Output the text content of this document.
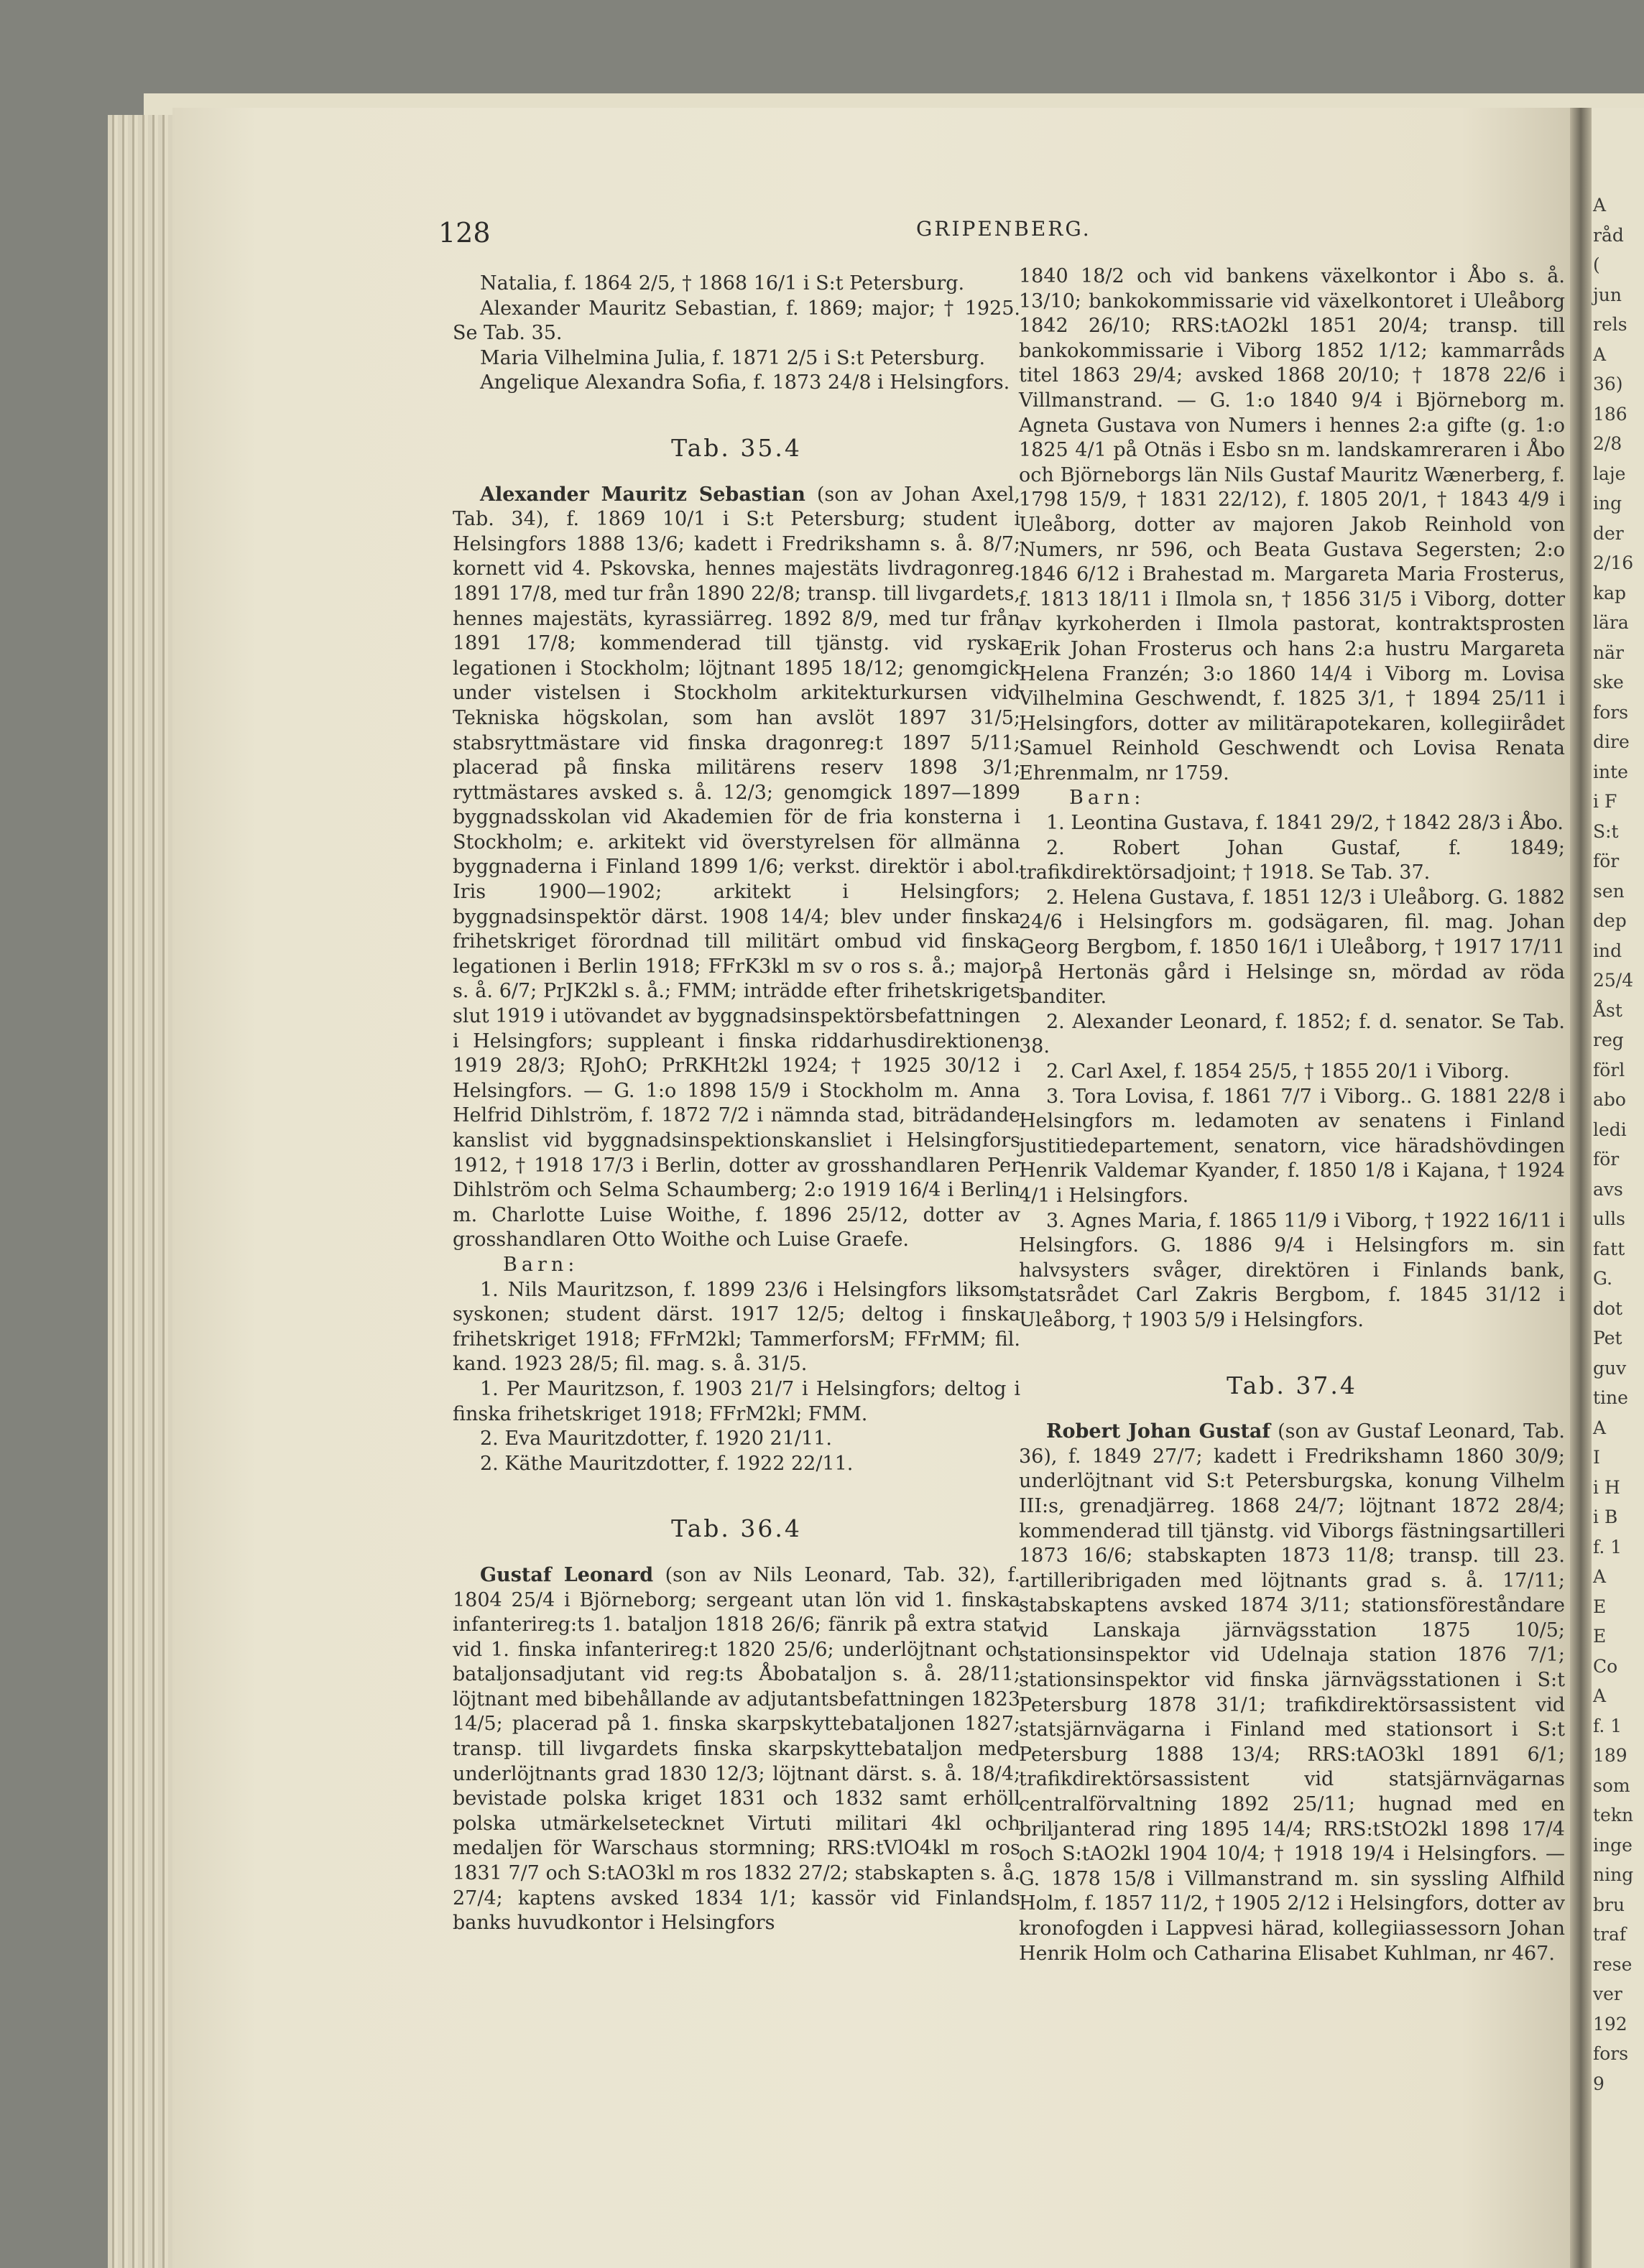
A
råd
(
jun
rels
A
36)
186
2/8
laje
ing
der
2/16
kap
lära
när
ske
fors
dire
inte
i F
S:t
för
sen
dep
ind
25/4
Åst
reg
förl
abo
ledi
för
avs
ulls
fatt
G.
dot
Pet
guv
tine
A
I
i H
i B
f. 1
A
E
E
Co
A
f. 1
189
som
tekn
inge
ning
bru
traf
rese
ver
192
fors
9
128	GRIPENBERG.

Natalia, f. 1864 2/5, † 1868 16/1 i S:t Petersburg.

Alexander Mauritz Sebastian, f. 1869; major; † 1925. Se Tab. 35.

Maria Vilhelmina Julia, f. 1871 2/5 i S:t Petersburg.

Angelique Alexandra Sofia, f. 1873 24/8 i Helsingfors.

Tab. 35.4

Alexander Mauritz Sebastian (son av Johan Axel, Tab. 34), f. 1869 10/1 i S:t Petersburg; student i Helsingfors 1888 13/6; kadett i Fredrikshamn s. å. 8/7; kornett vid 4. Pskovska, hennes majestäts livdragonreg. 1891 17/8, med tur från 1890 22/8; transp. till livgardets, hennes majestäts, kyrassiärreg. 1892 8/9, med tur från 1891 17/8; kommenderad till tjänstg. vid ryska legationen i Stockholm; löjtnant 1895 18/12; genomgick under vistelsen i Stockholm arkitekturkursen vid Tekniska högskolan, som han avslöt 1897 31/5; stabsryttmästare vid finska dragonreg:t 1897 5/11; placerad på finska militärens reserv 1898 3/1; ryttmästares avsked s. å. 12/3; genomgick 1897—1899 byggnadsskolan vid Akademien för de fria konsterna i Stockholm; e. arkitekt vid överstyrelsen för allmänna byggnaderna i Finland 1899 1/6; verkst. direktör i abol. Iris 1900—1902; arkitekt i Helsingfors; byggnadsinspektör därst. 1908 14/4; blev under finska frihetskriget förordnad till militärt ombud vid finska legationen i Berlin 1918; FFrK3kl m sv o ros s. å.; major s. å. 6/7; PrJK2kl s. å.; FMM; inträdde efter frihetskrigets slut 1919 i utövandet av byggnadsinspektörsbefattningen i Helsingfors; suppleant i finska riddarhusdirektionen 1919 28/3; RJohO; PrRKHt2kl 1924; † 1925 30/12 i Helsingfors. — G. 1:o 1898 15/9 i Stockholm m. Anna Helfrid Dihlström, f. 1872 7/2 i nämnda stad, biträdande kanslist vid byggnadsinspektionskansliet i Helsingfors 1912, † 1918 17/3 i Berlin, dotter av grosshandlaren Per Dihlström och Selma Schaumberg; 2:o 1919 16/4 i Berlin m. Charlotte Luise Woithe, f. 1896 25/12, dotter av grosshandlaren Otto Woithe och Luise Graefe.

Barn:

1. Nils Mauritzson, f. 1899 23/6 i Helsingfors liksom syskonen; student därst. 1917 12/5; deltog i finska frihetskriget 1918; FFrM2kl; TammerforsM; FFrMM; fil. kand. 1923 28/5; fil. mag. s. å. 31/5.

1. Per Mauritzson, f. 1903 21/7 i Helsingfors; deltog i finska frihetskriget 1918; FFrM2kl; FMM.

2. Eva Mauritzdotter, f. 1920 21/11.

2. Käthe Mauritzdotter, f. 1922 22/11.

Tab. 36.4

Gustaf Leonard (son av Nils Leonard, Tab. 32), f. 1804 25/4 i Björneborg; sergeant utan lön vid 1. finska infanterireg:ts 1. bataljon 1818 26/6; fänrik på extra stat vid 1. finska infanterireg:t 1820 25/6; underlöjtnant och bataljonsadjutant vid reg:ts Åbobataljon s. å. 28/11; löjtnant med bibehållande av adjutantsbefattningen 1823 14/5; placerad på 1. finska skarpskyttebataljonen 1827; transp. till livgardets finska skarpskyttebataljon med underlöjtnants grad 1830 12/3; löjtnant därst. s. å. 18/4; bevistade polska kriget 1831 och 1832 samt erhöll polska utmärkelsetecknet Virtuti militari 4kl och medaljen för Warschaus stormning; RRS:tVlO4kl m ros 1831 7/7 och S:tAO3kl m ros 1832 27/2; stabskapten s. å. 27/4; kaptens avsked 1834 1/1; kassör vid Finlands banks huvudkontor i Helsingfors

1840 18/2 och vid bankens växelkontor i Åbo s. å. 13/10; bankokommissarie vid växelkontoret i Uleåborg 1842 26/10; RRS:tAO2kl 1851 20/4; transp. till bankokommissarie i Viborg 1852 1/12; kammarråds titel 1863 29/4; avsked 1868 20/10; † 1878 22/6 i Villmanstrand. — G. 1:o 1840 9/4 i Björneborg m. Agneta Gustava von Numers i hennes 2:a gifte (g. 1:o 1825 4/1 på Otnäs i Esbo sn m. landskamreraren i Åbo och Björneborgs län Nils Gustaf Mauritz Wænerberg, f. 1798 15/9, † 1831 22/12), f. 1805 20/1, † 1843 4/9 i Uleåborg, dotter av majoren Jakob Reinhold von Numers, nr 596, och Beata Gustava Segersten; 2:o 1846 6/12 i Brahestad m. Margareta Maria Frosterus, f. 1813 18/11 i Ilmola sn, † 1856 31/5 i Viborg, dotter av kyrkoherden i Ilmola pastorat, kontraktsprosten Erik Johan Frosterus och hans 2:a hustru Margareta Helena Franzén; 3:o 1860 14/4 i Viborg m. Lovisa Vilhelmina Geschwendt, f. 1825 3/1, † 1894 25/11 i Helsingfors, dotter av militärapotekaren, kollegiirådet Samuel Reinhold Geschwendt och Lovisa Renata Ehrenmalm, nr 1759.

Barn:

1. Leontina Gustava, f. 1841 29/2, † 1842 28/3 i Åbo.

2. Robert Johan Gustaf, f. 1849; trafikdirektörsadjoint; † 1918. Se Tab. 37.

2. Helena Gustava, f. 1851 12/3 i Uleåborg. G. 1882 24/6 i Helsingfors m. godsägaren, fil. mag. Johan Georg Bergbom, f. 1850 16/1 i Uleåborg, † 1917 17/11 på Hertonäs gård i Helsinge sn, mördad av röda banditer.

2. Alexander Leonard, f. 1852; f. d. senator. Se Tab. 38.

2. Carl Axel, f. 1854 25/5, † 1855 20/1 i Viborg.

3. Tora Lovisa, f. 1861 7/7 i Viborg.. G. 1881 22/8 i Helsingfors m. ledamoten av senatens i Finland justitiedepartement, senatorn, vice häradshövdingen Henrik Valdemar Kyander, f. 1850 1/8 i Kajana, † 1924 4/1 i Helsingfors.

3. Agnes Maria, f. 1865 11/9 i Viborg, † 1922 16/11 i Helsingfors. G. 1886 9/4 i Helsingfors m. sin halvsysters svåger, direktören i Finlands bank, statsrådet Carl Zakris Bergbom, f. 1845 31/12 i Uleåborg, † 1903 5/9 i Helsingfors.

Tab. 37.4

Robert Johan Gustaf (son av Gustaf Leonard, Tab. 36), f. 1849 27/7; kadett i Fredrikshamn 1860 30/9; underlöjtnant vid S:t Petersburgska, konung Vilhelm III:s, grenadjärreg. 1868 24/7; löjtnant 1872 28/4; kommenderad till tjänstg. vid Viborgs fästningsartilleri 1873 16/6; stabskapten 1873 11/8; transp. till 23. artilleribrigaden med löjtnants grad s. å. 17/11; stabskaptens avsked 1874 3/11; stationsföreståndare vid Lanskaja järnvägsstation 1875 10/5; stationsinspektor vid Udelnaja station 1876 7/1; stationsinspektor vid finska järnvägsstationen i S:t Petersburg 1878 31/1; trafikdirektörsassistent vid statsjärnvägarna i Finland med stationsort i S:t Petersburg 1888 13/4; RRS:tAO3kl 1891 6/1; trafikdirektörsassistent vid statsjärnvägarnas centralförvaltning 1892 25/11; hugnad med en briljanterad ring 1895 14/4; RRS:tStO2kl 1898 17/4 och S:tAO2kl 1904 10/4; † 1918 19/4 i Helsingfors. — G. 1878 15/8 i Villmanstrand m. sin syssling Alfhild Holm, f. 1857 11/2, † 1905 2/12 i Helsingfors, dotter av kronofogden i Lappvesi härad, kollegiiassessorn Johan Henrik Holm och Catharina Elisabet Kuhlman, nr 467.
